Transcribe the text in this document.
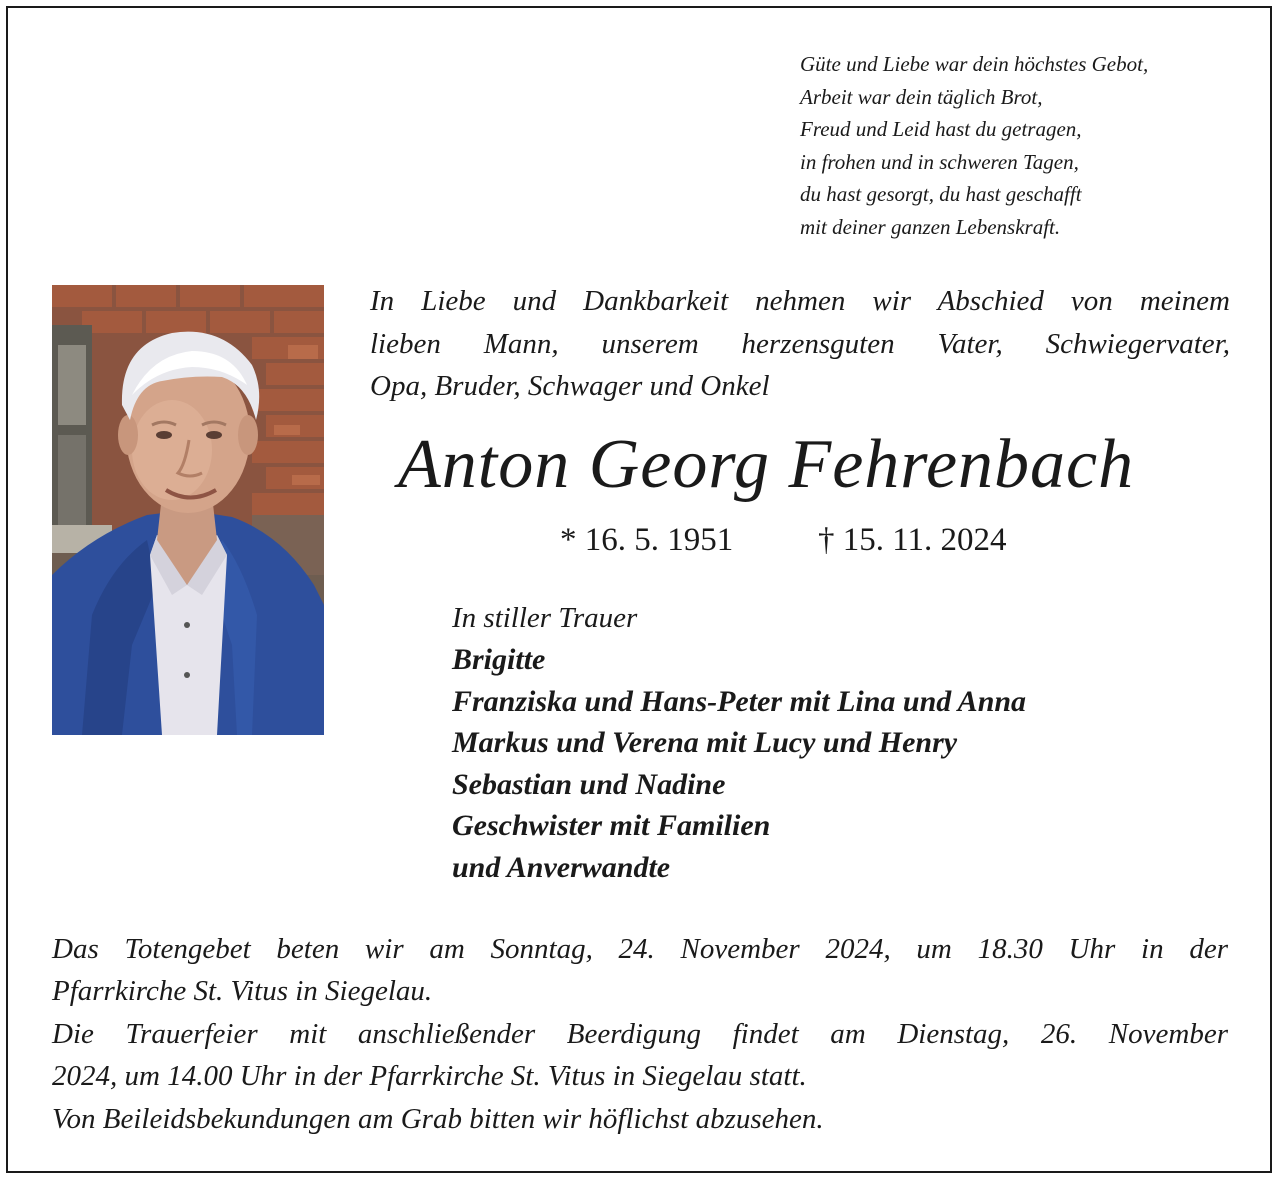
Güte und Liebe war dein höchstes Gebot,
Arbeit war dein täglich Brot,
Freud und Leid hast du getragen,
in frohen und in schweren Tagen,
du hast gesorgt, du hast geschafft
mit deiner ganzen Lebenskraft.
In Liebe und Dankbarkeit nehmen wir Abschied von meinem
lieben Mann, unserem herzensguten Vater, Schwiegervater,
Opa, Bruder, Schwager und Onkel
Anton Georg Fehrenbach
* 16. 5. 1951	† 15. 11. 2024
In stiller Trauer
Brigitte
Franziska und Hans-Peter mit Lina und Anna
Markus und Verena mit Lucy und Henry
Sebastian und Nadine
Geschwister mit Familien
und Anverwandte
Das Totengebet beten wir am Sonntag, 24. November 2024, um 18.30 Uhr in der
Pfarrkirche St. Vitus in Siegelau.
Die Trauerfeier mit anschließender Beerdigung findet am Dienstag, 26. November
2024, um 14.00 Uhr in der Pfarrkirche St. Vitus in Siegelau statt.
Von Beileidsbekundungen am Grab bitten wir höflichst abzusehen.
